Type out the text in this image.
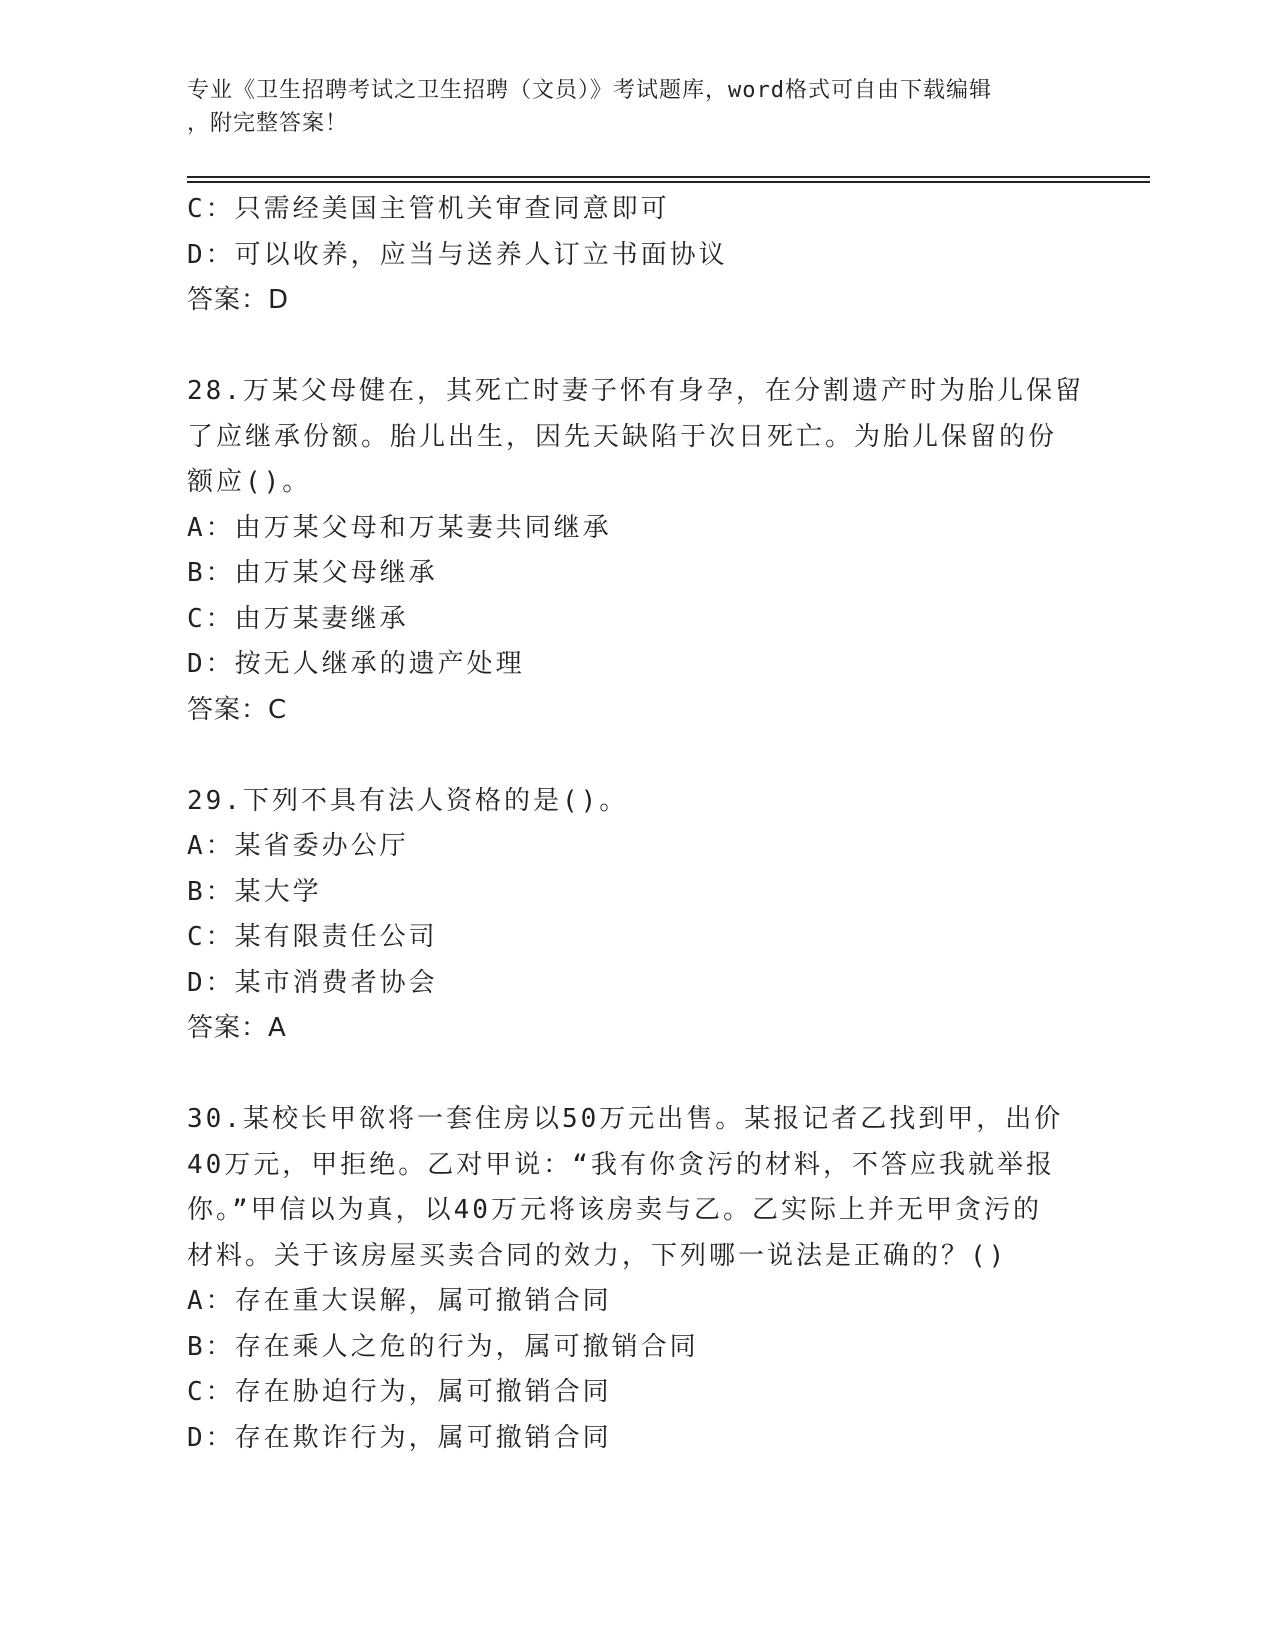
专业《卫生招聘考试之卫生招聘（文员）》考试题库，word格式可自由下载编辑
，附完整答案！
C：只需经美国主管机关审查同意即可
D：可以收养，应当与送养人订立书面协议
答案：D
28.万某父母健在，其死亡时妻子怀有身孕，在分割遗产时为胎儿保留
了应继承份额。胎儿出生，因先天缺陷于次日死亡。为胎儿保留的份
额应()。
A：由万某父母和万某妻共同继承
B：由万某父母继承
C：由万某妻继承
D：按无人继承的遗产处理
答案：C
29.下列不具有法人资格的是()。
A：某省委办公厅
B：某大学
C：某有限责任公司
D：某市消费者协会
答案：A
30.某校长甲欲将一套住房以50万元出售。某报记者乙找到甲，出价
40万元，甲拒绝。乙对甲说：“我有你贪污的材料，不答应我就举报
你。”甲信以为真，以40万元将该房卖与乙。乙实际上并无甲贪污的
材料。关于该房屋买卖合同的效力，下列哪一说法是正确的？()
A：存在重大误解，属可撤销合同
B：存在乘人之危的行为，属可撤销合同
C：存在胁迫行为，属可撤销合同
D：存在欺诈行为，属可撤销合同
